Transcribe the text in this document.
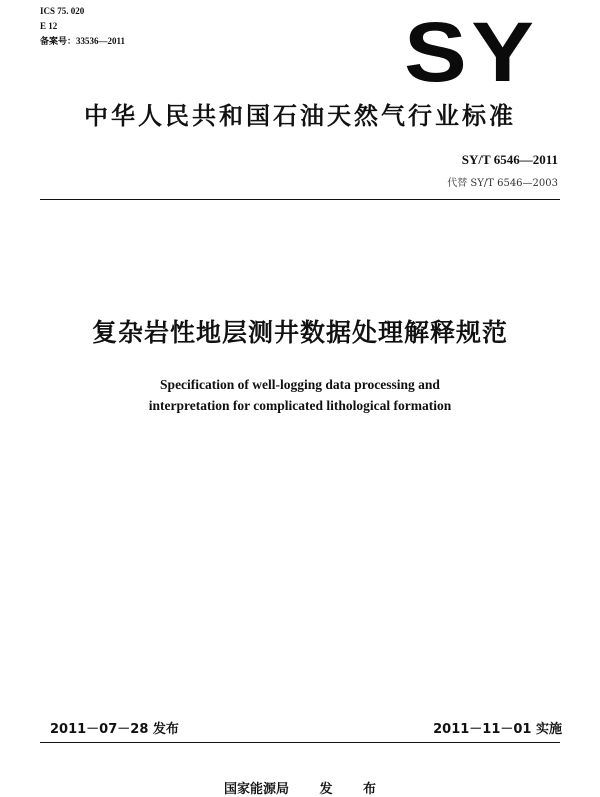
ICS 75. 020
E 12
备案号：33536—2011	SY
中华人民共和国石油天然气行业标准
SY/T 6546—2011
代替 SY/T 6546—2003
复杂岩性地层测井数据处理解释规范
Specification of well-logging data processing and
interpretation for complicated lithological formation
2011－07－28 发布	2011－11－01 实施
国家能源局 发 布
